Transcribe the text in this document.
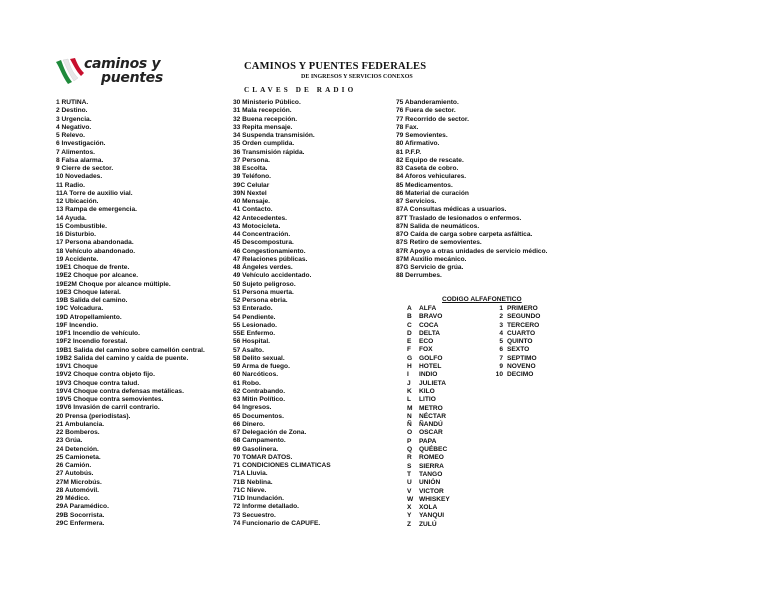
caminos y
puentes
CAMINOS Y PUENTES FEDERALES
DE INGRESOS Y SERVICIOS CONEXOS
CLAVES DE RADIO
1 RUTINA.
2 Destino.
3 Urgencia.
4 Negativo.
5 Relevo.
6 Investigación.
7 Alimentos.
8 Falsa alarma.
9 Cierre de sector.
10 Novedades.
11 Radio.
11A Torre de auxilio vial.
12 Ubicación.
13 Rampa de emergencia.
14 Ayuda.
15 Combustible.
16 Disturbio.
17 Persona abandonada.
18 Vehículo abandonado.
19 Accidente.
19E1 Choque de frente.
19E2 Choque por alcance.
19E2M Choque por alcance múltiple.
19E3 Choque lateral.
19B Salida del camino.
19C Volcadura.
19D Atropellamiento.
19F Incendio.
19F1 Incendio de vehículo.
19F2 Incendio forestal.
19B1 Salida del camino sobre camellón central.
19B2 Salida del camino y caída de puente.
19V1 Choque
19V2 Choque contra objeto fijo.
19V3 Choque contra talud.
19V4 Choque contra defensas metálicas.
19V5 Choque contra semovientes.
19V6 Invasión de carril contrario.
20 Prensa (periodistas).
21 Ambulancia.
22 Bomberos.
23 Grúa.
24 Detención.
25 Camioneta.
26 Camión.
27 Autobús.
27M Microbús.
28 Automóvil.
29 Médico.
29A Paramédico.
29B Socorrista.
29C Enfermera.
30 Ministerio Público.
31 Mala recepción.
32 Buena recepción.
33 Repita mensaje.
34 Suspenda transmisión.
35 Orden cumplida.
36 Transmisión rápida.
37 Persona.
38 Escolta.
39 Teléfono.
39C Celular
39N Nextel
40 Mensaje.
41 Contacto.
42 Antecedentes.
43 Motocicleta.
44 Concentración.
45 Descompostura.
46 Congestionamiento.
47 Relaciones públicas.
48 Ángeles verdes.
49 Vehículo accidentado.
50 Sujeto peligroso.
51 Persona muerta.
52 Persona ebria.
53 Enterado.
54 Pendiente.
55 Lesionado.
55E Enfermo.
56 Hospital.
57 Asalto.
58 Delito sexual.
59 Arma de fuego.
60 Narcóticos.
61 Robo.
62 Contrabando.
63 Mitin Político.
64 Ingresos.
65 Documentos.
66 Dinero.
67 Delegación de Zona.
68 Campamento.
69 Gasolinera.
70 TOMAR DATOS.
71 CONDICIONES CLIMATICAS
71A Lluvia.
71B Neblina.
71C Nieve.
71D Inundación.
72 Informe detallado.
73 Secuestro.
74 Funcionario de CAPUFE.
75 Abanderamiento.
76 Fuera de sector.
77 Recorrido de sector.
78 Fax.
79 Semovientes.
80 Afirmativo.
81 P.F.P.
82 Equipo de rescate.
83 Caseta de cobro.
84 Aforos vehiculares.
85 Medicamentos.
86 Material de curación
87 Servicios.
87A Consultas médicas a usuarios.
87T Traslado de lesionados o enfermos.
87N Salida de neumáticos.
87O Caída de carga sobre carpeta asfáltica.
87S Retiro de semovientes.
87R Apoyo a otras unidades de servicio médico.
87M Auxilio mecánico.
87G Servicio de grúa.
88 Derrumbes.
CODIGO ALFAFONETICO
A ALFA
B BRAVO
C COCA
D DELTA
E ECO
F FOX
G GOLFO
H HOTEL
I INDIO
J JULIETA
K KILO
L LITIO
M METRO
N NÉCTAR
Ñ ÑANDÚ
O OSCAR
P PAPA
Q QUÉBEC
R ROMEO
S SIERRA
T TANGO
U UNIÓN
V VICTOR
W WHISKEY
X XOLA
Y YANQUI
Z ZULÚ
1 PRIMERO
2 SEGUNDO
3 TERCERO
4 CUARTO
5 QUINTO
6 SEXTO
7 SEPTIMO
9 NOVENO
10 DECIMO
